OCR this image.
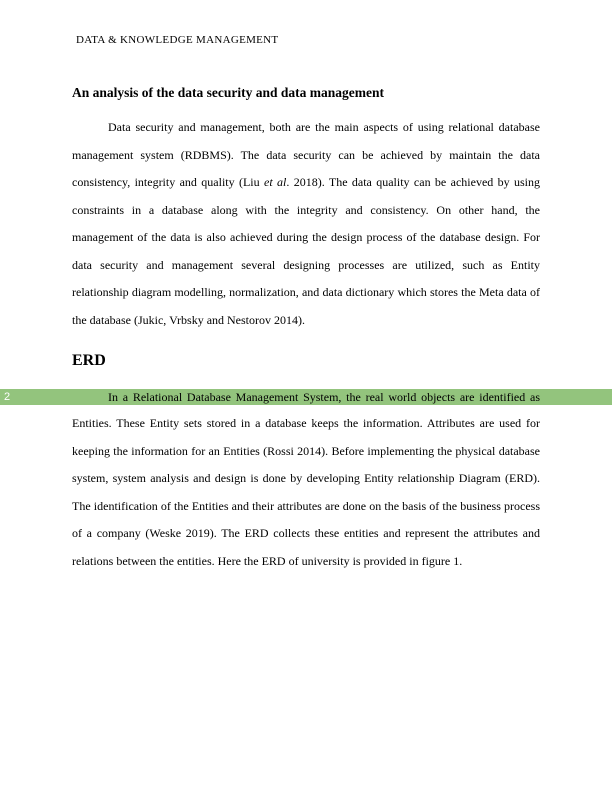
DATA & KNOWLEDGE MANAGEMENT
An analysis of the data security and data management

Data security and management, both are the main aspects of using relational database management system (RDBMS). The data security can be achieved by maintain the data consistency, integrity and quality (Liu et al. 2018). The data quality can be achieved by using constraints in a database along with the integrity and consistency. On other hand, the management of the data is also achieved during the design process of the database design. For data security and management several designing processes are utilized, such as Entity relationship diagram modelling, normalization, and data dictionary which stores the Meta data of the database (Jukic, Vrbsky and Nestorov 2014).

ERD
2	In a Relational Database Management System, the real world objects are identified as

Entities. These Entity sets stored in a database keeps the information. Attributes are used for keeping the information for an Entities (Rossi 2014). Before implementing the physical database system, system analysis and design is done by developing Entity relationship Diagram (ERD). The identification of the Entities and their attributes are done on the basis of the business process of a company (Weske 2019). The ERD collects these entities and represent the attributes and relations between the entities. Here the ERD of university is provided in figure 1.
